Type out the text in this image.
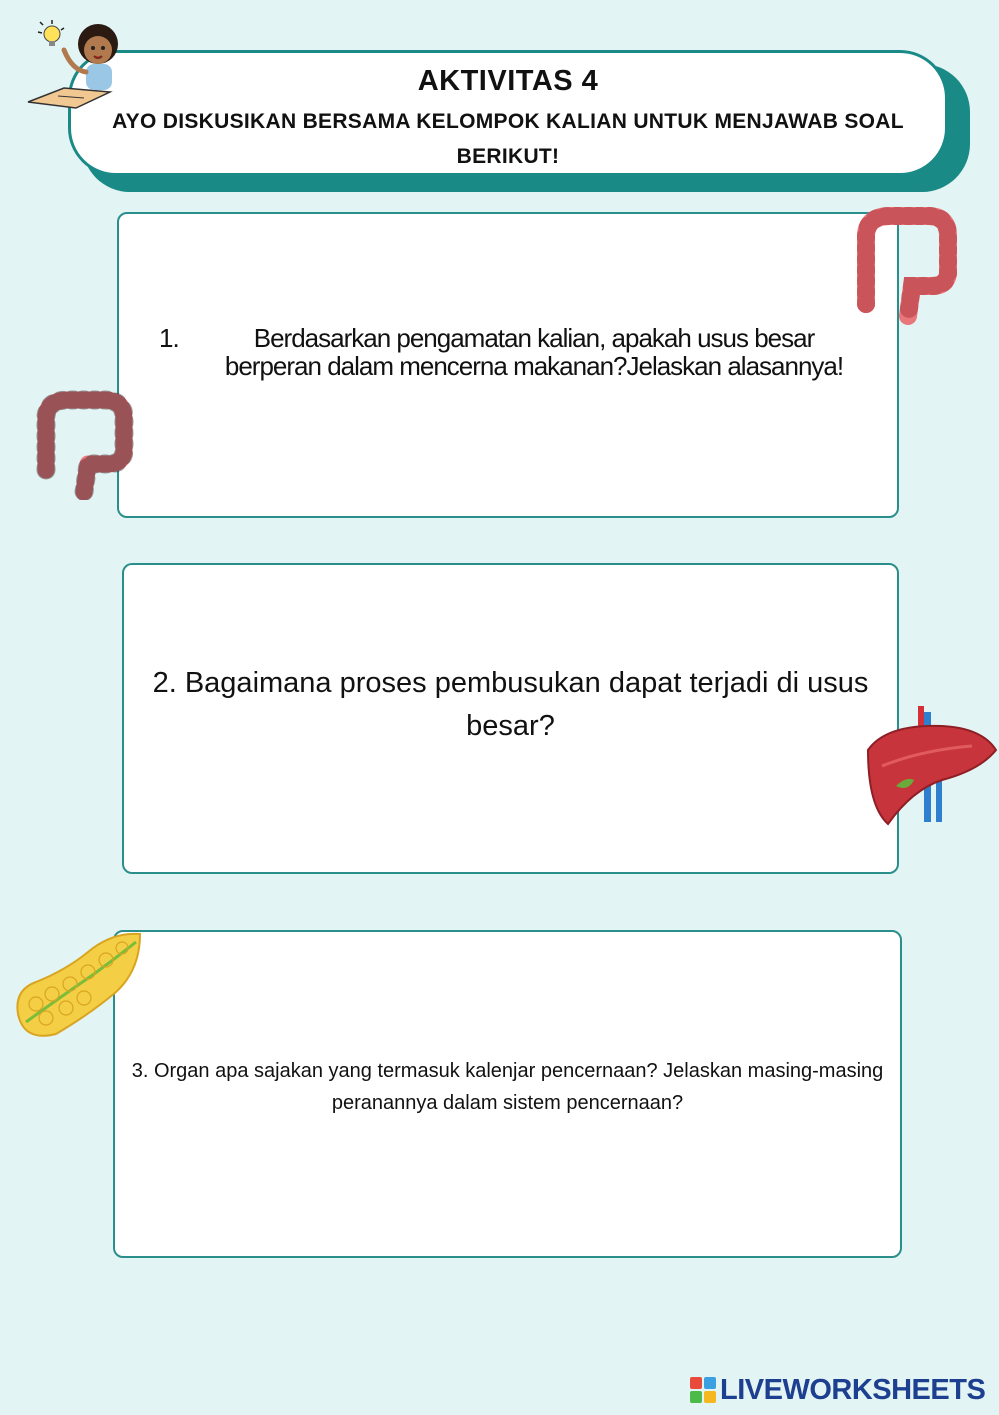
AKTIVITAS 4
AYO DISKUSIKAN BERSAMA KELOMPOK KALIAN UNTUK MENJAWAB SOAL BERIKUT!
1.	Berdasarkan pengamatan kalian, apakah usus besar berperan dalam mencerna makanan?Jelaskan alasannya!
2. Bagaimana proses pembusukan dapat terjadi di usus besar?
3. Organ apa sajakan yang termasuk kalenjar pencernaan? Jelaskan masing-masing peranannya dalam sistem pencernaan?
LIVEWORKSHEETS
